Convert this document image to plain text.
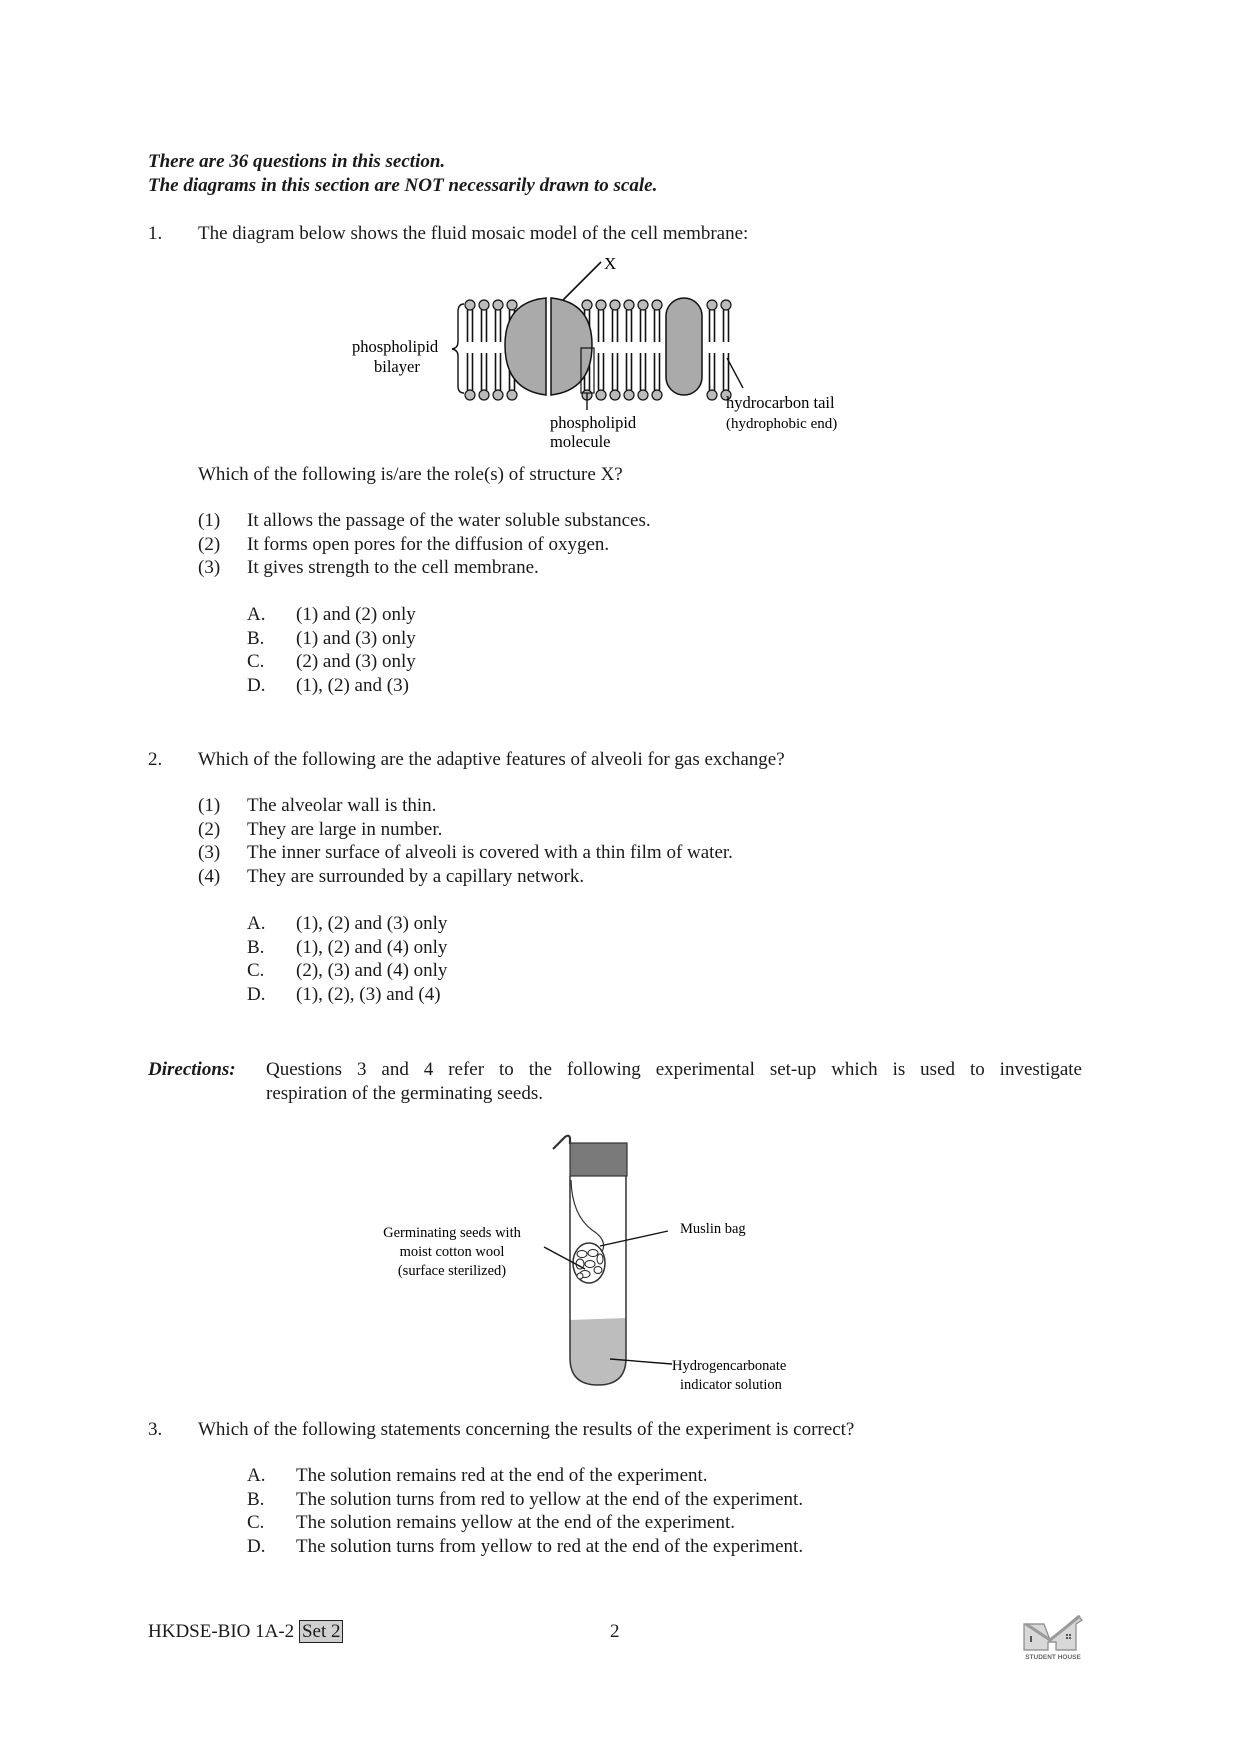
There are 36 questions in this section.
The diagrams in this section are NOT necessarily drawn to scale.
1. The diagram below shows the fluid mosaic model of the cell membrane:
X
phospholipid
bilayer
phospholipid
molecule
hydrocarbon tail
(hydrophobic end)
Which of the following is/are the role(s) of structure X?
(1) It allows the passage of the water soluble substances.
(2) It forms open pores for the diffusion of oxygen.
(3) It gives strength to the cell membrane.
A. (1) and (2) only
B. (1) and (3) only
C. (2) and (3) only
D. (1), (2) and (3)
2. Which of the following are the adaptive features of alveoli for gas exchange?
(1) The alveolar wall is thin.
(2) They are large in number.
(3) The inner surface of alveoli is covered with a thin film of water.
(4) They are surrounded by a capillary network.
A. (1), (2) and (3) only
B. (1), (2) and (4) only
C. (2), (3) and (4) only
D. (1), (2), (3) and (4)
Directions: Questions 3 and 4 refer to the following experimental set-up which is used to investigate
respiration of the germinating seeds.
Germinating seeds with
moist cotton wool
(surface sterilized)
Muslin bag
Hydrogencarbonate
indicator solution
3. Which of the following statements concerning the results of the experiment is correct?
A. The solution remains red at the end of the experiment.
B. The solution turns from red to yellow at the end of the experiment.
C. The solution remains yellow at the end of the experiment.
D. The solution turns from yellow to red at the end of the experiment.
HKDSE-BIO 1A-2 Set 2	2
STUDENT HOUSE
